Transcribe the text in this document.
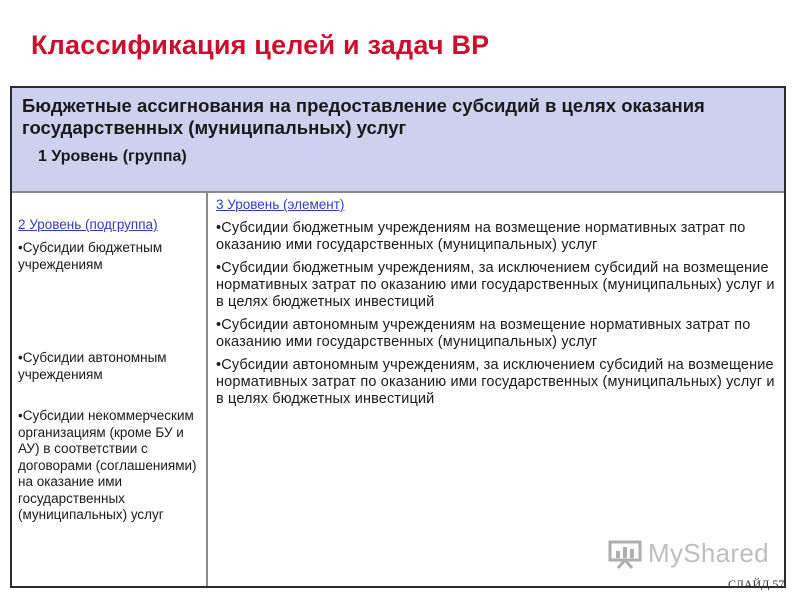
Классификация целей и задач ВР
Бюджетные ассигнования на предоставление субсидий в целях оказания государственных (муниципальных) услуг
1 Уровень (группа)
2 Уровень (подгруппа)
•Субсидии бюджетным учреждениям
•Субсидии автономным учреждениям
•Субсидии некоммерческим организациям (кроме БУ и АУ) в соответствии с договорами (соглашениями) на оказание ими государственных (муниципальных) услуг
3 Уровень (элемент)
•Субсидии бюджетным учреждениям на возмещение нормативных затрат по оказанию ими государственных (муниципальных) услуг
•Субсидии бюджетным учреждениям, за исключением субсидий на возмещение нормативных затрат по оказанию ими государственных (муниципальных) услуг и в целях бюджетных инвестиций
•Субсидии автономным учреждениям на возмещение нормативных затрат по оказанию ими государственных (муниципальных) услуг
•Субсидии автономным учреждениям, за исключением субсидий на возмещение нормативных затрат по оказанию ими государственных (муниципальных) услуг и в целях бюджетных инвестиций
MyShared
СЛАЙД 57
